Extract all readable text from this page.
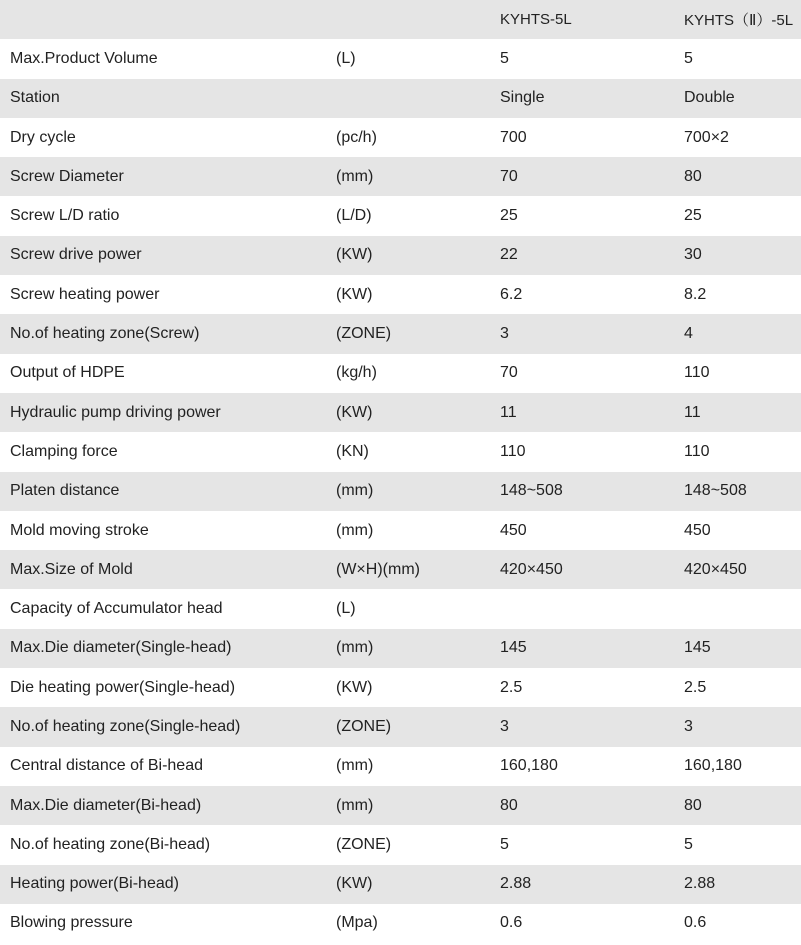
		KYHTS-5L	KYHTS（Ⅱ）-5L
Max.Product Volume	(L)	5	5
Station		Single	Double
Dry cycle	(pc/h)	700	700×2
Screw Diameter	(mm)	70	80
Screw L/D ratio	(L/D)	25	25
Screw drive power	(KW)	22	30
Screw heating power	(KW)	6.2	8.2
No.of heating zone(Screw)	(ZONE)	3	4
Output of HDPE	(kg/h)	70	110
Hydraulic pump driving power	(KW)	11	11
Clamping force	(KN)	110	110
Platen distance	(mm)	148~508	148~508
Mold moving stroke	(mm)	450	450
Max.Size of Mold	(W×H)(mm)	420×450	420×450
Capacity of Accumulator head	(L)		
Max.Die diameter(Single-head)	(mm)	145	145
Die heating power(Single-head)	(KW)	2.5	2.5
No.of heating zone(Single-head)	(ZONE)	3	3
Central distance of Bi-head	(mm)	160,180	160,180
Max.Die diameter(Bi-head)	(mm)	80	80
No.of heating zone(Bi-head)	(ZONE)	5	5
Heating power(Bi-head)	(KW)	2.88	2.88
Blowing pressure	(Mpa)	0.6	0.6
